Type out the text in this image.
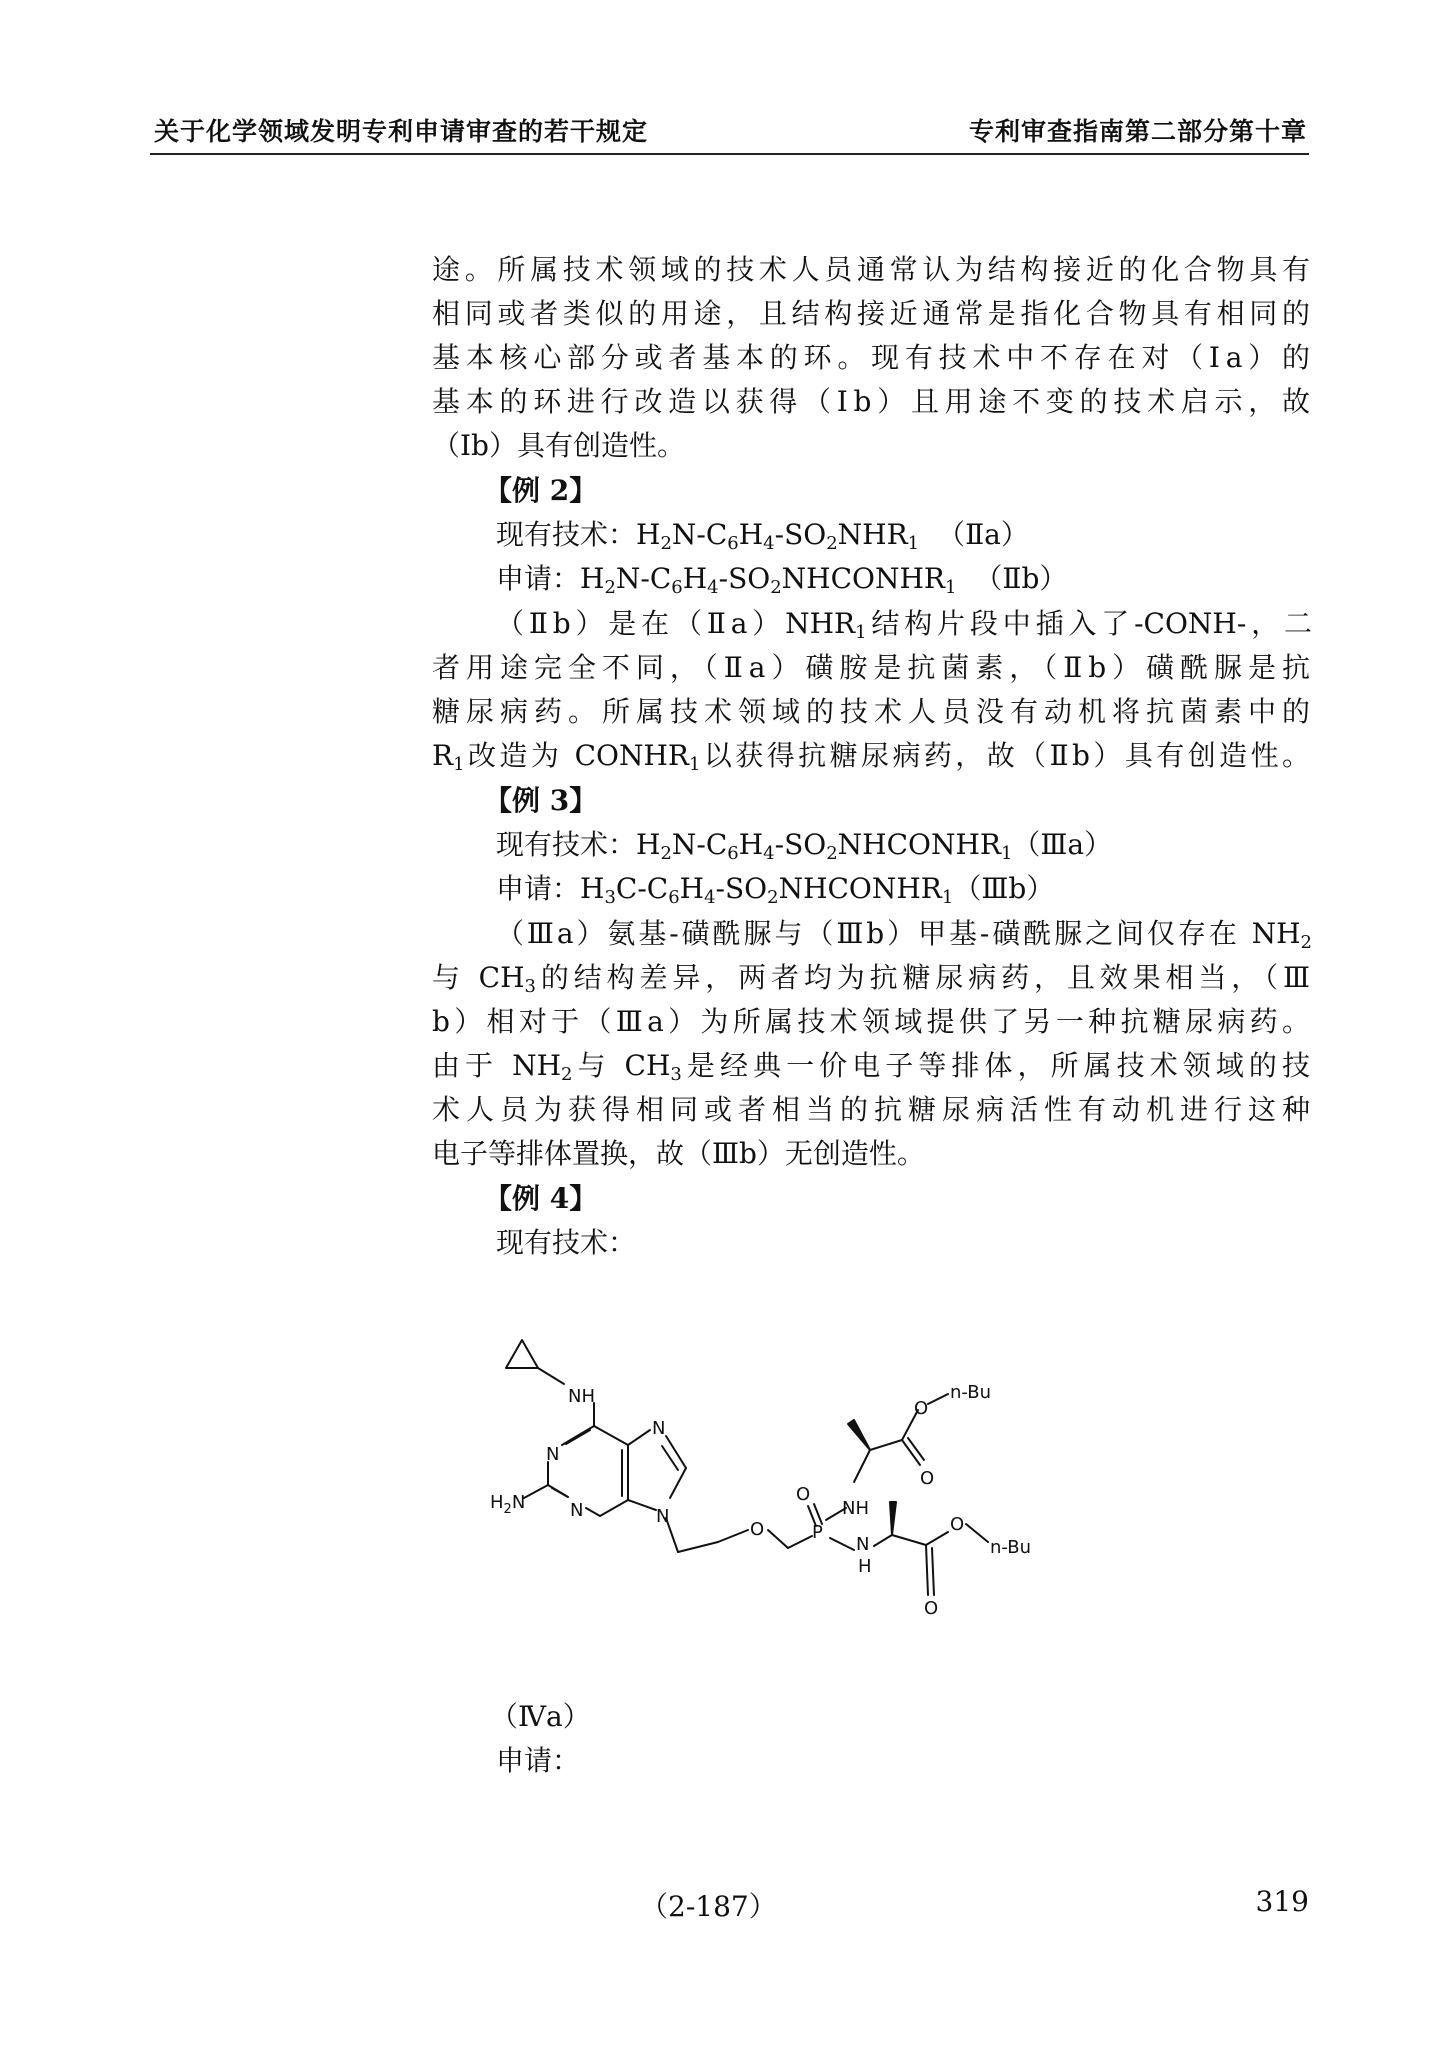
关于化学领域发明专利申请审查的若干规定	专利审查指南第二部分第十章
途。所属技术领域的技术人员通常认为结构接近的化合物具有
相同或者类似的用途，且结构接近通常是指化合物具有相同的
基本核心部分或者基本的环。现有技术中不存在对（Ⅰa）的
基本的环进行改造以获得（Ⅰb）且用途不变的技术启示，故
（Ⅰb）具有创造性。
【例 2】
现有技术：$H_2N-C_6H_4-SO_2NHR_1$ （Ⅱa）
申请：$H_2N-C_6H_4-SO_2NHCONHR_1$ （Ⅱb）
（Ⅱb）是在$(Ⅱa)NHR_1$结构片段中插入了-CONH-，二
者用途完全不同，（Ⅱa）磺胺是抗菌素，（Ⅱb）磺酰脲是抗
糖尿病药。所属技术领域的技术人员没有动机将抗菌素中的
$R_1$改造为 $CONHR_1$以获得抗糖尿病药，故（Ⅱb）具有创造性。
【例 3】
现有技术：$H_2N-C_6H_4-SO_2NHCONHR_1(Ⅲa)$
申请：$H_3C-C_6H_4-SO_2NHCONHR_1(Ⅲb)$
（Ⅲa）氨基-磺酰脲与（Ⅲb）甲基-磺酰脲之间仅存在 $NH_2$
与 $CH_3$的结构差异，两者均为抗糖尿病药，且效果相当，（Ⅲ
b）相对于（Ⅲa）为所属技术领域提供了另一种抗糖尿病药。
由于 $NH_2$与 $CH_3$是经典一价电子等排体，所属技术领域的技
术人员为获得相同或者相当的抗糖尿病活性有动机进行这种
电子等排体置换，故（Ⅲb）无创造性。
【例 4】
现有技术：
NH
N
N
N
N
$H_2N$
O
O
P
NH
N
H
O
n-Bu
O
O
n-Bu
O
（Ⅳa）
申请：
（2-187）	319
